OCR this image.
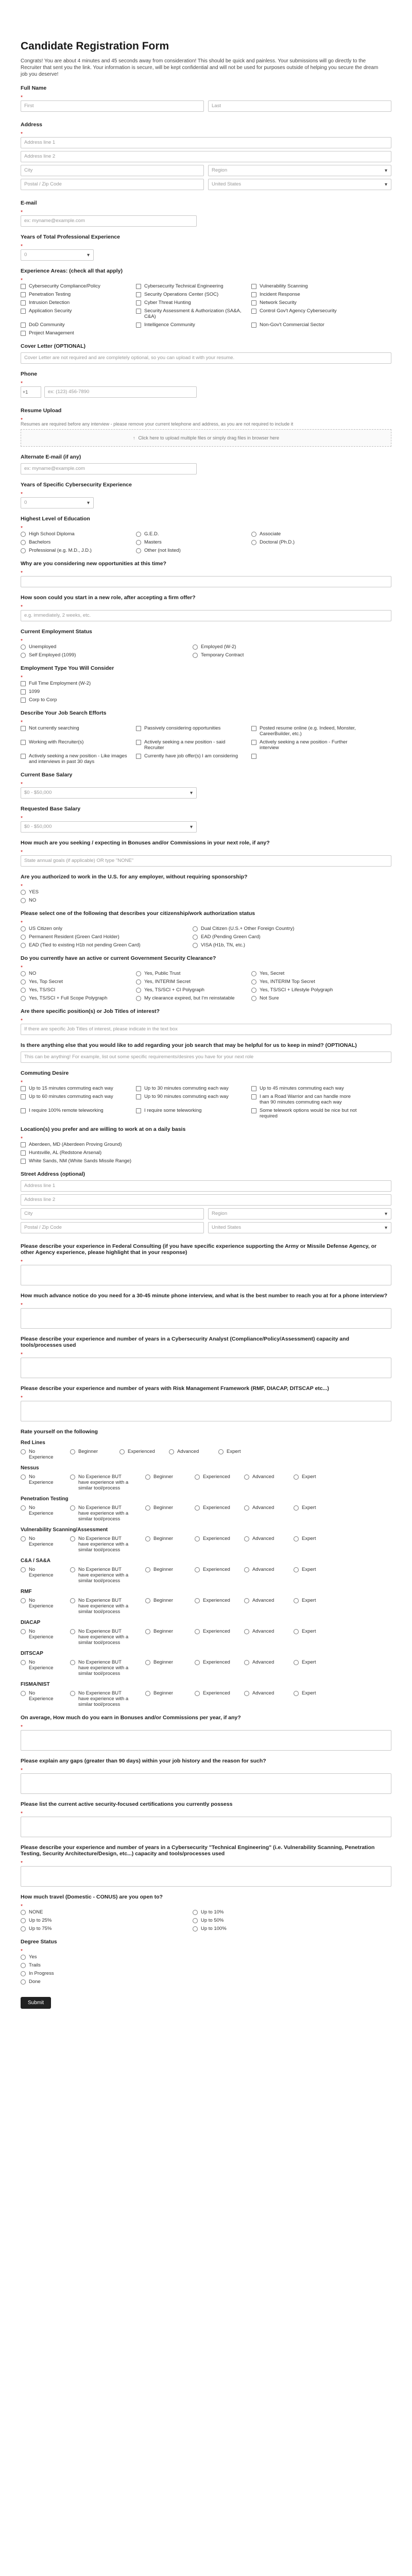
Candidate Registration Form

Congrats! You are about 4 minutes and 45 seconds away from consideration! This should be quick and painless. Your submissions will go directly to the Recruiter that sent you the link. Your information is secure, will be kept confidential and will not be used for purposes outside of helping you secure the dream job you deserve!

Full Name
*
First	Last
Address
*
Address line 1
Address line 2
City	Region ▾
Postal / Zip Code	United States ▾
E-mail
*
ex: myname@example.com
Years of Total Professional Experience
*
0 ▾
Experience Areas: (check all that apply)
*
Cybersecurity Compliance/Policy	Cybersecurity Technical Engineering	Vulnerability Scanning
Penetration Testing	Security Operations Center (SOC)	Incident Response
Intrusion Detection	Cyber Threat Hunting	Network Security
Application Security	Security Assessment & Authorization (SA&A, C&A)
Control Gov't Agency Cybersecurity
DoD Community	Intelligence Community	Non-Gov't Commercial Sector
Project Management
Cover Letter (OPTIONAL)
Cover Letter are not required and are completely optional, so you can upload it with your resume.
Phone
*
+1	ex: (123) 456-7890
Resume Upload
*
Resumes are required before any interview - please remove your current telephone and address, as you are not required to include it
↑ Click here to upload multiple files or simply drag files in browser here
Alternate E-mail (if any)
ex: myname@example.com
Years of Specific Cybersecurity Experience
*
0 ▾
Highest Level of Education
*
High School Diploma	G.E.D.	Associate
Bachelors	Masters	Doctoral (Ph.D.)
Professional (e.g. M.D., J.D.)	Other (not listed)
Why are you considering new opportunities at this time?
*
How soon could you start in a new role, after accepting a firm offer?
*
e.g. immediately, 2 weeks, etc.
Current Employment Status
*
Unemployed	Employed (W-2)
Self Employed (1099)	Temporary Contract
Employment Type You Will Consider
*
Full Time Employment (W-2)
1099
Corp to Corp
Describe Your Job Search Efforts
*
Not currently searching	Passively considering opportunities	Posted resume online (e.g. Indeed, Monster, CareerBuilder, etc.)
Working with Recruiter(s)	Actively seeking a new position - said Recruiter
Actively seeking a new position - Further interview
Actively seeking a new position - Like images and interviews in past 30 days
Currently have job offer(s) I am considering
Current Base Salary
*
$0 - $50,000 ▾
Requested Base Salary
*
$0 - $50,000 ▾
How much are you seeking / expecting in Bonuses and/or Commissions in your next role, if any?
*
State annual goals (if applicable) OR type "NONE"
Are you authorized to work in the U.S. for any employer, without requiring sponsorship?
*
YES
NO
Please select one of the following that describes your citizenship/work authorization status
*
US Citizen only	Dual Citizen (U.S.+ Other Foreign Country)
Permanent Resident (Green Card Holder)	EAD (Pending Green Card)
EAD (Tied to existing H1b not pending Green Card)	VISA (H1b, TN, etc.)
Do you currently have an active or current Government Security Clearance?
*
NO	Yes, Public Trust	Yes, Secret
Yes, Top Secret	Yes, INTERIM Secret	Yes, INTERIM Top Secret
Yes, TS/SCI	Yes, TS/SCI + CI Polygraph	Yes, TS/SCI + Lifestyle Polygraph
Yes, TS/SCI + Full Scope Polygraph	My clearance expired, but I'm reinstatable	Not Sure
Are there specific position(s) or Job Titles of interest?
*
If there are specific Job Titles of interest, please indicate in the text box
Is there anything else that you would like to add regarding your job search that may be helpful for us to keep in mind? (OPTIONAL)
This can be anything! For example, list out some specific requirements/desires you have for your next role
Commuting Desire
*
Up to 15 minutes commuting each way	Up to 30 minutes commuting each way	Up to 45 minutes commuting each way
Up to 60 minutes commuting each way	Up to 90 minutes commuting each way	I am a Road Warrior and can handle more than 90 minutes commuting each way
I require 100% remote teleworking	I require some teleworking	Some telework options would be nice but not required
Location(s) you prefer and are willing to work at on a daily basis
*
Aberdeen, MD (Aberdeen Proving Ground)
Huntsville, AL (Redstone Arsenal)
White Sands, NM (White Sands Missile Range)
Street Address (optional)
Address line 1
Address line 2
City	Region ▾
Postal / Zip Code	United States ▾
Please describe your experience in Federal Consulting (if you have specific experience supporting the Army or Missile Defense Agency, or other Agency experience, please highlight that in your response)
*
How much advance notice do you need for a 30-45 minute phone interview, and what is the best number to reach you at for a phone interview?
*
Please describe your experience and number of years in a Cybersecurity Analyst (Compliance/Policy/Assessment) capacity and tools/processes used
*
Please describe your experience and number of years with Risk Management Framework (RMF, DIACAP, DITSCAP etc...)
*
Rate yourself on the following
Red Lines
No Experience
Beginner	Experienced	Advanced	Expert
Nessus
No Experience
No Experience BUT have experience with a similar tool/process
Beginner	Experienced	Advanced	Expert
Penetration Testing
No Experience
No Experience BUT have experience with a similar tool/process
Beginner	Experienced	Advanced	Expert
Vulnerability Scanning/Assessment
No Experience
No Experience BUT have experience with a similar tool/process
Beginner	Experienced	Advanced	Expert
C&A / SA&A
No Experience
No Experience BUT have experience with a similar tool/process
Beginner	Experienced	Advanced	Expert
RMF
No Experience
No Experience BUT have experience with a similar tool/process
Beginner	Experienced	Advanced	Expert
DIACAP
No Experience
No Experience BUT have experience with a similar tool/process
Beginner	Experienced	Advanced	Expert
DITSCAP
No Experience
No Experience BUT have experience with a similar tool/process
Beginner	Experienced	Advanced	Expert
FISMA/NIST
No Experience
No Experience BUT have experience with a similar tool/process
Beginner	Experienced	Advanced	Expert
On average, How much do you earn in Bonuses and/or Commissions per year, if any?
*
Please explain any gaps (greater than 90 days) within your job history and the reason for such?
*
Please list the current active security-focused certifications you currently possess
*
Please describe your experience and number of years in a Cybersecurity "Technical Engineering" (i.e. Vulnerability Scanning, Penetration Testing, Security Architecture/Design, etc...) capacity and tools/processes used
*
How much travel (Domestic - CONUS) are you open to?
*
NONE	Up to 10%
Up to 25%	Up to 50%
Up to 75%	Up to 100%
Degree Status
*
Yes
Trails
In Progress
Done
Submit
